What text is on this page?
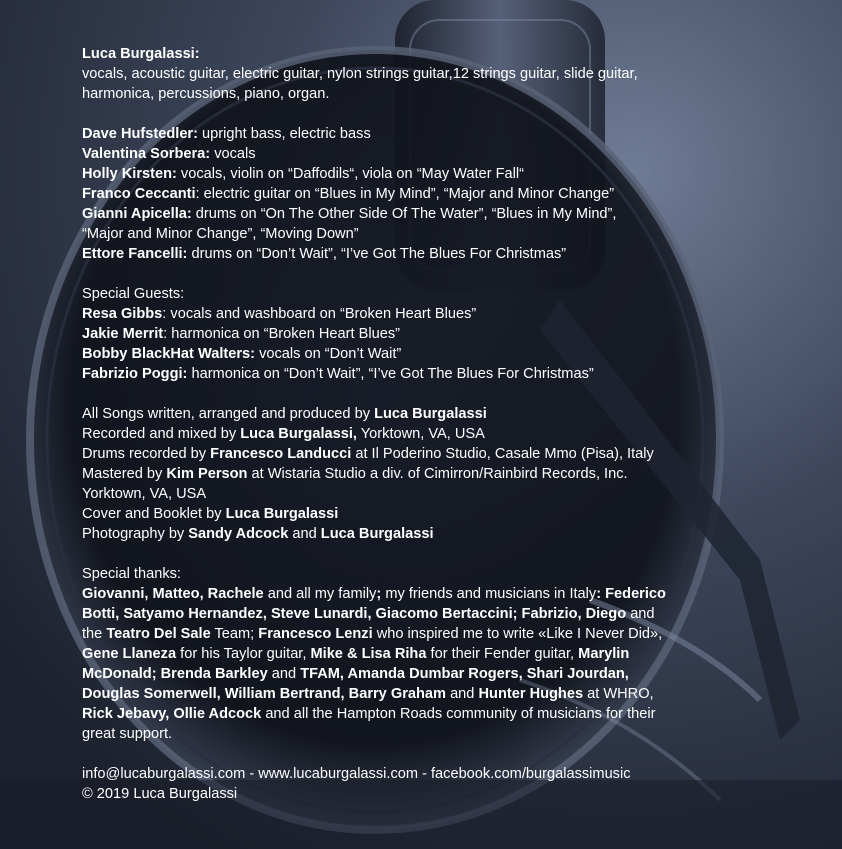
Luca Burgalassi:
vocals, acoustic guitar, electric guitar, nylon strings guitar,12 strings guitar, slide guitar,
harmonica, percussions, piano, organ.
Dave Hufstedler: upright bass, electric bass
Valentina Sorbera: vocals
Holly Kirsten: vocals, violin on “Daffodils“, viola on “May Water Fall“
Franco Ceccanti: electric guitar on “Blues in My Mind”, “Major and Minor Change”
Gianni Apicella: drums on “On The Other Side Of The Water”, “Blues in My Mind”,
“Major and Minor Change”, “Moving Down”
Ettore Fancelli: drums on “Don’t Wait”, “I’ve Got The Blues For Christmas”
Special Guests:
Resa Gibbs: vocals and washboard on “Broken Heart Blues”
Jakie Merrit: harmonica on “Broken Heart Blues”
Bobby BlackHat Walters: vocals on “Don’t Wait”
Fabrizio Poggi: harmonica on “Don’t Wait”, “I’ve Got The Blues For Christmas”
All Songs written, arranged and produced by Luca Burgalassi
Recorded and mixed by Luca Burgalassi, Yorktown, VA, USA
Drums recorded by Francesco Landucci at Il Poderino Studio, Casale Mmo (Pisa), Italy
Mastered by Kim Person at Wistaria Studio a div. of Cimirron/Rainbird Records, Inc.
Yorktown, VA, USA
Cover and Booklet by Luca Burgalassi
Photography by Sandy Adcock and Luca Burgalassi
Special thanks:
Giovanni, Matteo, Rachele and all my family; my friends and musicians in Italy: Federico
Botti, Satyamo Hernandez, Steve Lunardi, Giacomo Bertaccini; Fabrizio, Diego and
the Teatro Del Sale Team; Francesco Lenzi who inspired me to write «Like I Never Did»,
Gene Llaneza for his Taylor guitar, Mike & Lisa Riha for their Fender guitar, Marylin
McDonald; Brenda Barkley and TFAM, Amanda Dumbar Rogers, Shari Jourdan,
Douglas Somerwell, William Bertrand, Barry Graham and Hunter Hughes at WHRO,
Rick Jebavy, Ollie Adcock and all the Hampton Roads community of musicians for their
great support.
info@lucaburgalassi.com - www.lucaburgalassi.com - facebook.com/burgalassimusic
© 2019 Luca Burgalassi
